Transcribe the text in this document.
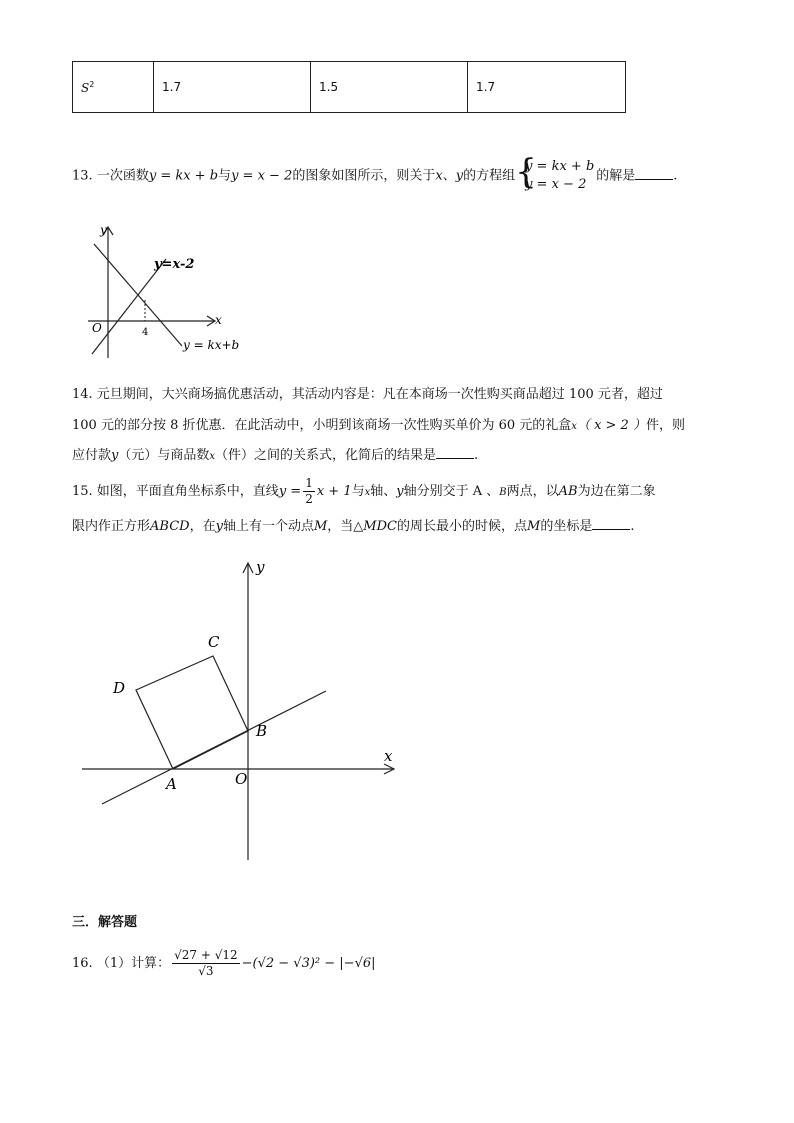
$S^2$	1.7	1.5	1.7
13. 一次函数y = kx + b与y = x − 2的图象如图所示，则关于x、y的方程组 {
y = kx + b
y = x − 2
的解是	.
y
x
O	4
y=x-2
y = kx+b
14. 元旦期间，大兴商场搞优惠活动，其活动内容是：凡在本商场一次性购买商品超过 100 元者，超过
100 元的部分按 8 折优惠．在此活动中，小明到该商场一次性购买单价为 60 元的礼盒x（ x > 2 ）件，则
应付款y（元）与商品数x（件）之间的关系式，化简后的结果是	.
15. 如图，平面直角坐标系中，直线$y = \frac{1}{2}$ x + 1与x轴、y轴分别交于 A 、B两点，以AB为边在第二象
限内作正方形ABCD，在y轴上有一个动点M，当△MDC的周长最小的时候，点M的坐标是	.
y
x
O
A
B
C
D
三．解答题
16. （1）计算： $\frac{√27 + √12}{√3} -(√2 - √3)^2 - |-√6|$
